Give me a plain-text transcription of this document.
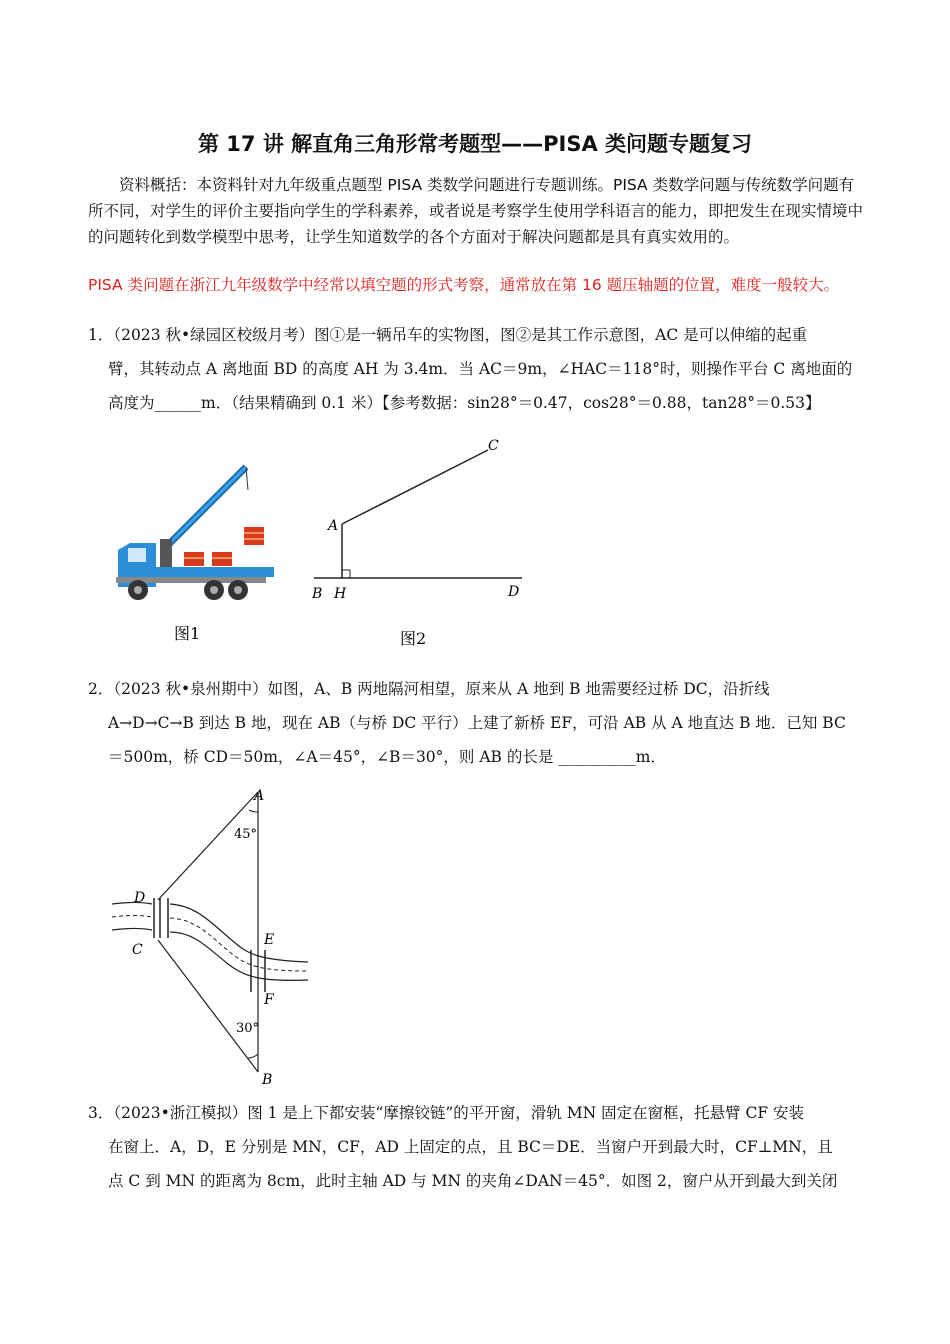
第 17 讲 解直角三角形常考题型——PISA 类问题专题复习
资料概括：本资料针对九年级重点题型 PISA 类数学问题进行专题训练。PISA 类数学问题与传统数学问题有所不同，对学生的评价主要指向学生的学科素养，或者说是考察学生使用学科语言的能力，即把发生在现实情境中的问题转化到数学模型中思考，让学生知道数学的各个方面对于解决问题都是具有真实效用的。
PISA 类问题在浙江九年级数学中经常以填空题的形式考察，通常放在第 16 题压轴题的位置，难度一般较大。
1．（2023 秋•绿园区校级月考）图①是一辆吊车的实物图，图②是其工作示意图，AC 是可以伸缩的起重
臂，其转动点 A 离地面 BD 的高度 AH 为 3.4m．当 AC＝9m，∠HAC＝118°时，则操作平台 C 离地面的
高度为______m．（结果精确到 0.1 米）【参考数据：sin28°＝0.47，cos28°＝0.88，tan28°＝0.53】
图1
A
C
B H	D
图2
2．（2023 秋•泉州期中）如图，A、B 两地隔河相望，原来从 A 地到 B 地需要经过桥 DC，沿折线
A→D→C→B 到达 B 地，现在 AB（与桥 DC 平行）上建了新桥 EF，可沿 AB 从 A 地直达 B 地．已知 BC
＝500m，桥 CD＝50m，∠A＝45°，∠B＝30°，则 AB 的长是 __________m．
A
45°
D
C
E
F
30°
B
3．（2023•浙江模拟）图 1 是上下都安装“摩擦铰链”的平开窗，滑轨 MN 固定在窗框，托悬臂 CF 安装
在窗上．A，D，E 分别是 MN，CF，AD 上固定的点，且 BC＝DE．当窗户开到最大时，CF⊥MN，且
点 C 到 MN 的距离为 8cm，此时主轴 AD 与 MN 的夹角∠DAN＝45°．如图 2，窗户从开到最大到关闭
